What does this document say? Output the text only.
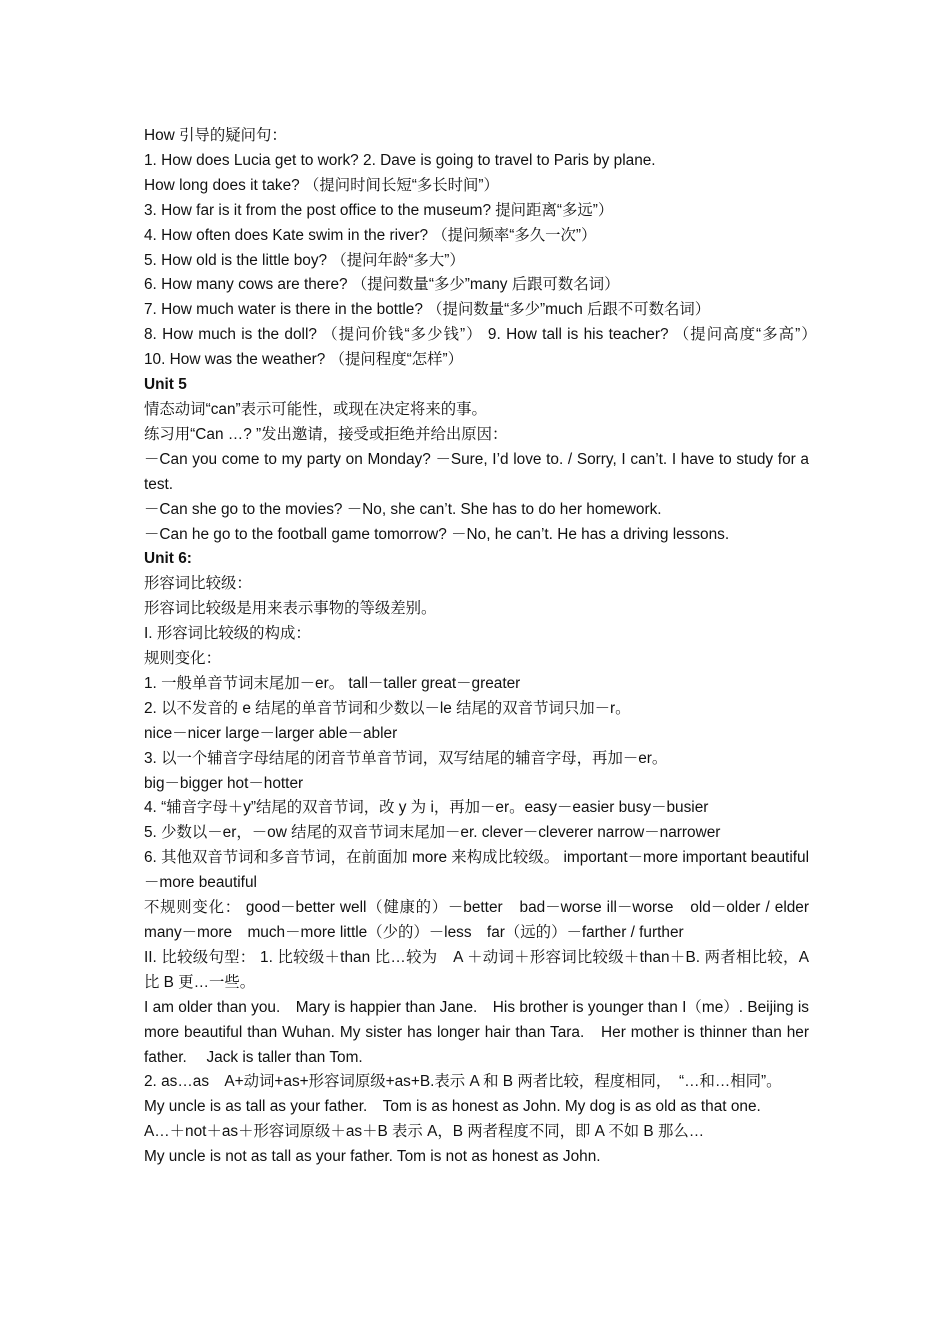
How 引导的疑问句：
1. How does Lucia get to work? 2. Dave is going to travel to Paris by plane.
How long does it take? （提问时间长短“多长时间”）
3. How far is it from the post office to the museum? 提问距离“多远”）
4. How often does Kate swim in the river? （提问频率“多久一次”）
5. How old is the little boy? （提问年龄“多大”）
6. How many cows are there? （提问数量“多少”many 后跟可数名词）
7. How much water is there in the bottle? （提问数量“多少”much 后跟不可数名词）
8. How much is the doll? （提问价钱“多少钱”） 9. How tall is his teacher? （提问高度“多高”）　 10. How was the weather? （提问程度“怎样”）
Unit 5
情态动词“can”表示可能性，或现在决定将来的事。
练习用“Can …? ”发出邀请，接受或拒绝并给出原因：
－Can you come to my party on Monday? －Sure, I’d love to. / Sorry, I can’t. I have to study for a test.
－Can she go to the movies? －No, she can’t. She has to do her homework.
－Can he go to the football game tomorrow? －No, he can’t. He has a driving lessons.
Unit 6:
形容词比较级：
形容词比较级是用来表示事物的等级差别。
I. 形容词比较级的构成：
规则变化：
1. 一般单音节词末尾加－er。 tall－taller great－greater
2. 以不发音的 e 结尾的单音节词和少数以－le 结尾的双音节词只加－r。
nice－nicer large－larger able－abler
3. 以一个辅音字母结尾的闭音节单音节词，双写结尾的辅音字母，再加－er。
big－bigger hot－hotter
4. “辅音字母＋y”结尾的双音节词，改 y 为 i，再加－er。easy－easier busy－busier
5. 少数以－er，－ow 结尾的双音节词末尾加－er. clever－cleverer narrow－narrower
6. 其他双音节词和多音节词，在前面加 more 来构成比较级。 important－more important beautiful－more beautiful
不规则变化： good－better well（健康的）－better　bad－worse ill－worse　old－older / elder many－more　much－more little（少的）－less　far（远的）－farther / further
II. 比较级句型： 1. 比较级＋than 比…较为　A ＋动词＋形容词比较级＋than＋B. 两者相比较，A 比 B 更…一些。
I am older than you.　Mary is happier than Jane.　His brother is younger than I（me）. Beijing is more beautiful than Wuhan. My sister has longer hair than Tara.　Her mother is thinner than her father.　 Jack is taller than Tom.
2. as…as　A+动词+as+形容词原级+as+B.表示 A 和 B 两者比较，程度相同，　“…和…相同”。
My uncle is as tall as your father.　Tom is as honest as John. My dog is as old as that one.
A…＋not＋as＋形容词原级＋as＋B 表示 A，B 两者程度不同，即 A 不如 B 那么…
My uncle is not as tall as your father. Tom is not as honest as John.
